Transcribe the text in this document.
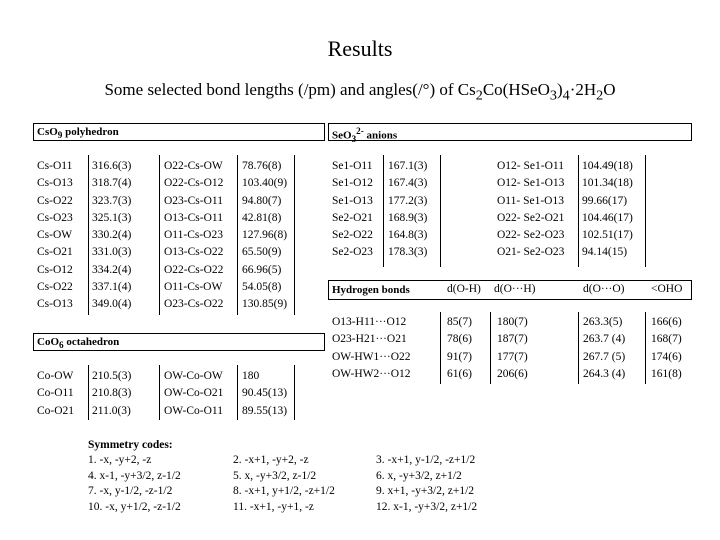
Results
Some selected bond lengths (/pm) and angles(/°) of $Cs_2Co(HSeO_3)_4\cdot 2H_2O$
CsO$_9$ polyhedron
Cs-O11
Cs-O13
Cs-O22
Cs-O23
Cs-OW
Cs-O21
Cs-O12
Cs-O22
Cs-O13
316.6(3)
318.7(4)
323.7(3)
325.1(3)
330.2(4)
331.0(3)
334.2(4)
337.1(4)
349.0(4)
O22-Cs-OW
O22-Cs-O12
O23-Cs-O11
O13-Cs-O11
O11-Cs-O23
O13-Cs-O22
O22-Cs-O22
O11-Cs-OW
O23-Cs-O22
78.76(8)
103.40(9)
94.80(7)
42.81(8)
127.96(8)
65.50(9)
66.96(5)
54.05(8)
130.85(9)
CoO$_6$ octahedron
Co-OW
Co-O11
Co-O21
210.5(3)
210.8(3)
211.0(3)
OW-Co-OW
OW-Co-O21
OW-Co-O11
180
90.45(13)
89.55(13)
SeO$_3^{2-}$ anions
Se1-O11
Se1-O12
Se1-O13
Se2-O21
Se2-O22
Se2-O23
167.1(3)
167.4(3)
177.2(3)
168.9(3)
164.8(3)
178.3(3)
O12- Se1-O11
O12- Se1-O13
O11- Se1-O13
O22- Se2-O21
O22- Se2-O23
O21- Se2-O23
104.49(18)
101.34(18)
99.66(17)
104.46(17)
102.51(17)
94.14(15)
Hydrogen bonds	d(O-H) d(O···H)	d(O···O) <OHO
O13-H11···O12
O23-H21···O21
OW-HW1···O22
OW-HW2···O12
85(7)
78(6)
91(7)
61(6)
180(7)
187(7)
177(7)
206(6)
263.3(5)
263.7 (4)
267.7 (5)
264.3 (4)
166(6)
168(7)
174(6)
161(8)
Symmetry codes:
1. -x, -y+2, -z
4. x-1, -y+3/2, z-1/2
7. -x, y-1/2, -z-1/2
10. -x, y+1/2, -z-1/2
2. -x+1, -y+2, -z
5. x, -y+3/2, z-1/2
8. -x+1, y+1/2, -z+1/2
11. -x+1, -y+1, -z
3. -x+1, y-1/2, -z+1/2
6. x, -y+3/2, z+1/2
9. x+1, -y+3/2, z+1/2
12. x-1, -y+3/2, z+1/2
